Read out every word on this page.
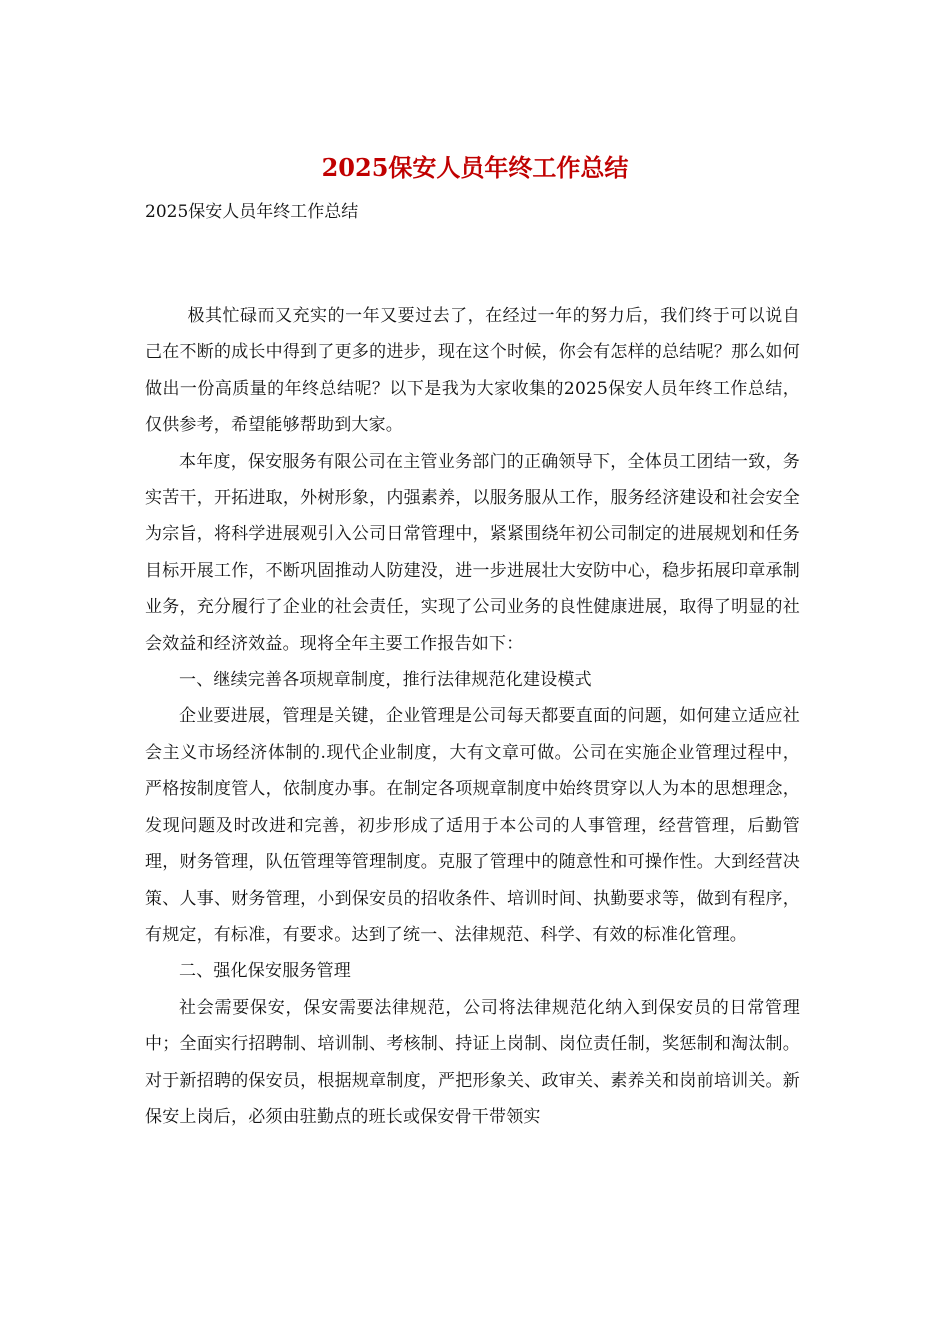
2025保安人员年终工作总结

2025保安人员年终工作总结

极其忙碌而又充实的一年又要过去了，在经过一年的努力后，我们终于可以说自己在不断的成长中得到了更多的进步，现在这个时候，你会有怎样的总结呢？那么如何做出一份高质量的年终总结呢？以下是我为大家收集的2025保安人员年终工作总结，仅供参考，希望能够帮助到大家。

本年度，保安服务有限公司在主管业务部门的正确领导下，全体员工团结一致，务实苦干，开拓进取，外树形象，内强素养，以服务服从工作，服务经济建设和社会安全为宗旨，将科学进展观引入公司日常管理中，紧紧围绕年初公司制定的进展规划和任务目标开展工作，不断巩固推动人防建没，进一步进展壮大安防中心，稳步拓展印章承制业务，充分履行了企业的社会责任，实现了公司业务的良性健康进展，取得了明显的社会效益和经济效益。现将全年主要工作报告如下：

一、继续完善各项规章制度，推行法律规范化建设模式

企业要进展，管理是关键，企业管理是公司每天都要直面的问题，如何建立适应社会主义市场经济体制的.现代企业制度，大有文章可做。公司在实施企业管理过程中，严格按制度管人，依制度办事。在制定各项规章制度中始终贯穿以人为本的思想理念，发现问题及时改进和完善，初步形成了适用于本公司的人事管理，经营管理，后勤管理，财务管理，队伍管理等管理制度。克服了管理中的随意性和可操作性。大到经营决策、人事、财务管理，小到保安员的招收条件、培训时间、执勤要求等，做到有程序，有规定，有标准，有要求。达到了统一、法律规范、科学、有效的标准化管理。

二、强化保安服务管理

社会需要保安，保安需要法律规范，公司将法律规范化纳入到保安员的日常管理中；全面实行招聘制、培训制、考核制、持证上岗制、岗位责任制，奖惩制和淘汰制。对于新招聘的保安员，根据规章制度，严把形象关、政审关、素养关和岗前培训关。新保安上岗后，必须由驻勤点的班长或保安骨干带领实
